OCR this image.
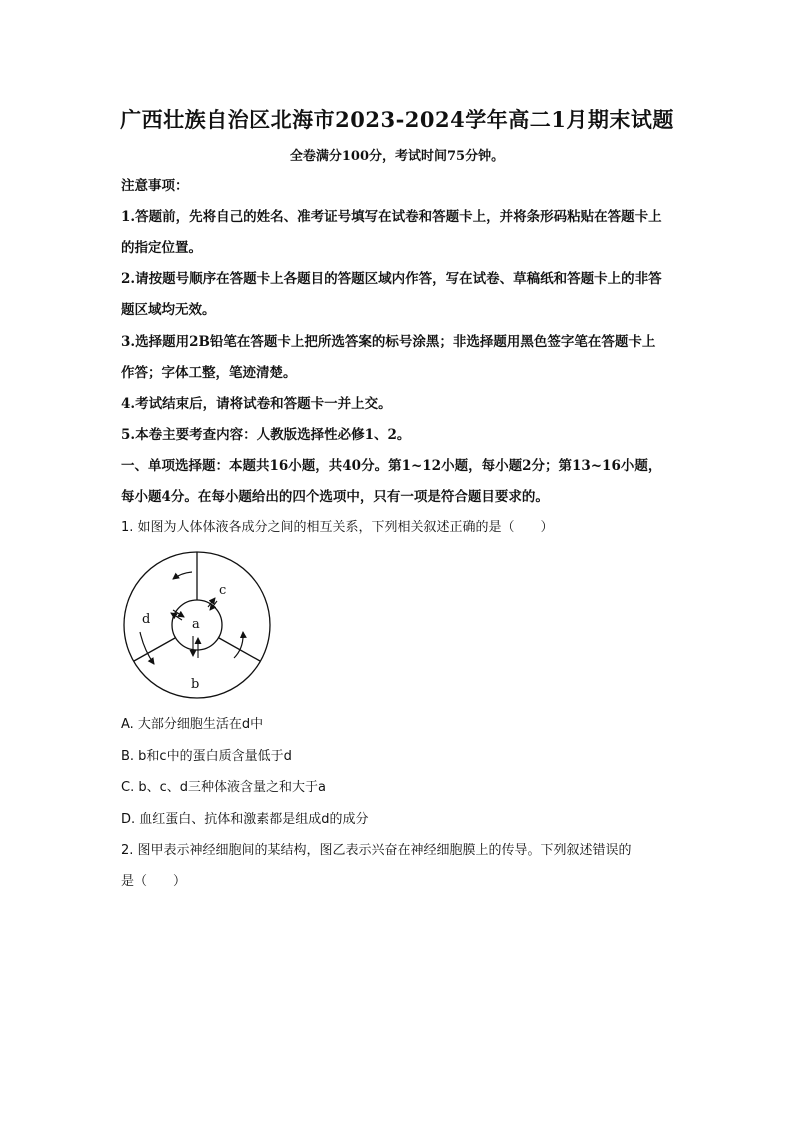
广西壮族自治区北海市2023-2024学年高二1月期末试题

全卷满分100分，考试时间75分钟。

注意事项：

1.答题前，先将自己的姓名、准考证号填写在试卷和答题卡上，并将条形码粘贴在答题卡上

的指定位置。

2.请按题号顺序在答题卡上各题目的答题区域内作答，写在试卷、草稿纸和答题卡上的非答

题区域均无效。

3.选择题用2B铅笔在答题卡上把所选答案的标号涂黑；非选择题用黑色签字笔在答题卡上

作答；字体工整，笔迹清楚。

4.考试结束后，请将试卷和答题卡一并上交。

5.本卷主要考查内容：人教版选择性必修1、2。

一、单项选择题：本题共16小题，共40分。第1~12小题，每小题2分；第13~16小题，

每小题4分。在每小题给出的四个选项中，只有一项是符合题目要求的。

1. 如图为人体体液各成分之间的相互关系，下列相关叙述正确的是（　　）

a
c
d
b

A. 大部分细胞生活在d中

B. b和c中的蛋白质含量低于d

C. b、c、d三种体液含量之和大于a

D. 血红蛋白、抗体和激素都是组成d的成分

2. 图甲表示神经细胞间的某结构，图乙表示兴奋在神经细胞膜上的传导。下列叙述错误的

是（　　）
